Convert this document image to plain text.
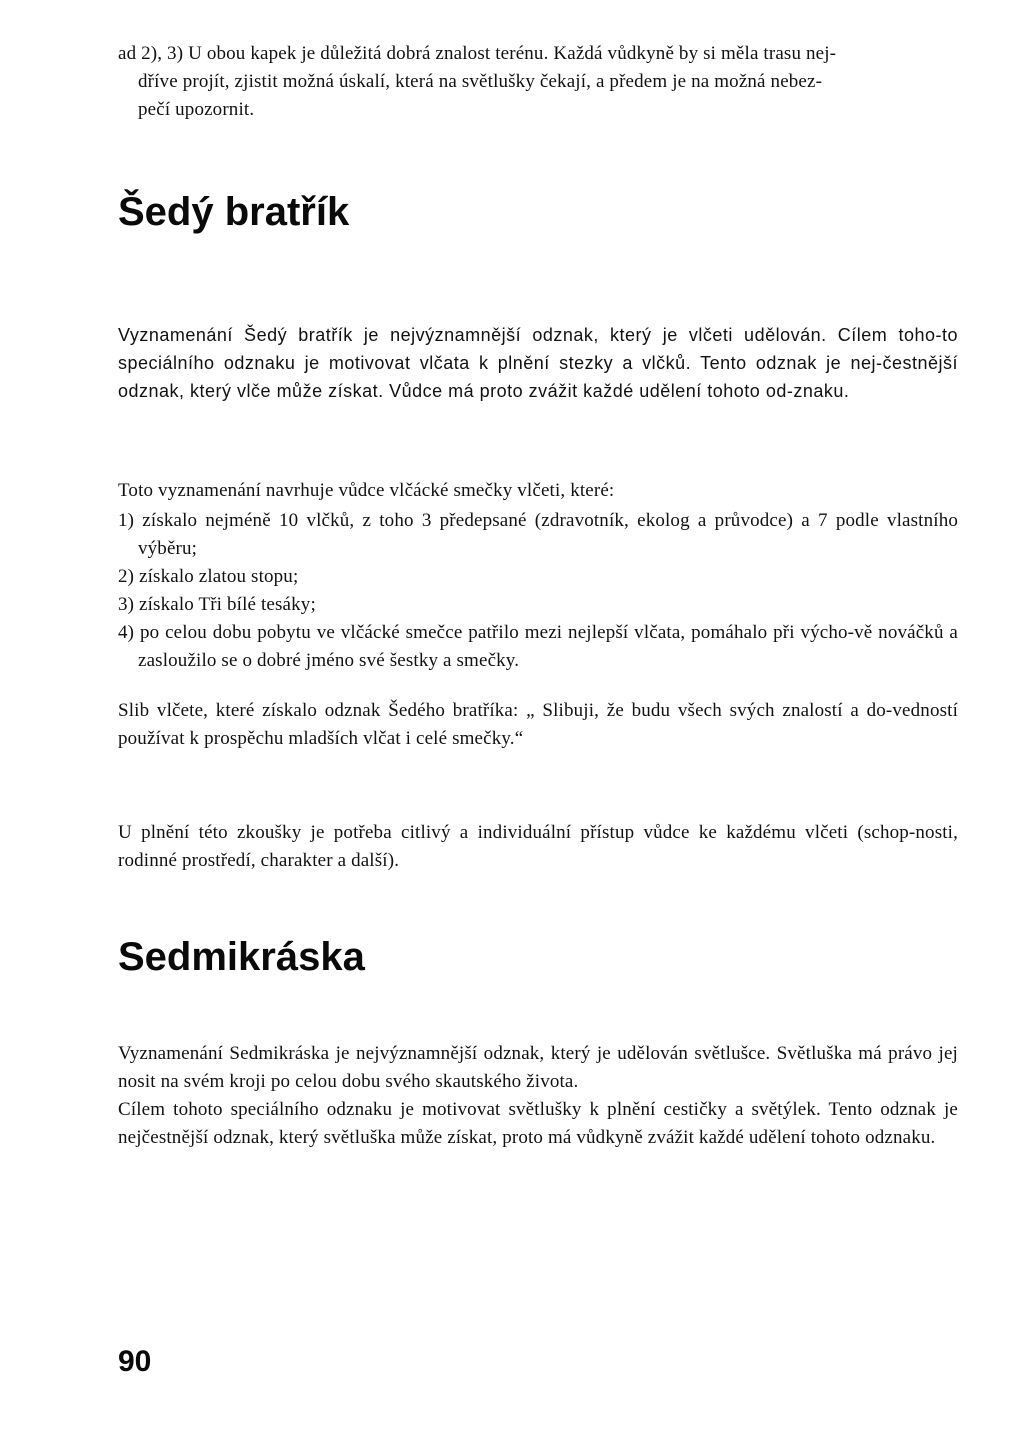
ad 2), 3) U obou kapek je důležitá dobrá znalost terénu. Každá vůdkyně by si měla trasu nej-

dříve projít, zjistit možná úskalí, která na světlušky čekají, a předem je na možná nebez-

pečí upozornit.

Šedý bratřík

Vyznamenání Šedý bratřík je nejvýznamnější odznak, který je vlčeti udělován. Cílem toho-to speciálního odznaku je motivovat vlčata k plnění stezky a vlčků. Tento odznak je nej-čestnější odznak, který vlče může získat. Vůdce má proto zvážit každé udělení tohoto od-znaku.

Toto vyznamenání navrhuje vůdce vlčácké smečky vlčeti, které:

1) získalo nejméně 10 vlčků, z toho 3 předepsané (zdravotník, ekolog a průvodce) a 7 podle vlastního výběru;

2) získalo zlatou stopu;

3) získalo Tři bílé tesáky;

4) po celou dobu pobytu ve vlčácké smečce patřilo mezi nejlepší vlčata, pomáhalo při výcho-vě nováčků a zasloužilo se o dobré jméno své šestky a smečky.

Slib vlčete, které získalo odznak Šedého bratříka: „ Slibuji, že budu všech svých znalostí a do-vedností používat k prospěchu mladších vlčat i celé smečky.“

U plnění této zkoušky je potřeba citlivý a individuální přístup vůdce ke každému vlčeti (schop-nosti, rodinné prostředí, charakter a další).

Sedmikráska

Vyznamenání Sedmikráska je nejvýznamnější odznak, který je udělován světlušce. Světluška má právo jej nosit na svém kroji po celou dobu svého skautského života.

Cílem tohoto speciálního odznaku je motivovat světlušky k plnění cestičky a světýlek. Tento odznak je nejčestnější odznak, který světluška může získat, proto má vůdkyně zvážit každé udělení tohoto odznaku.

90
